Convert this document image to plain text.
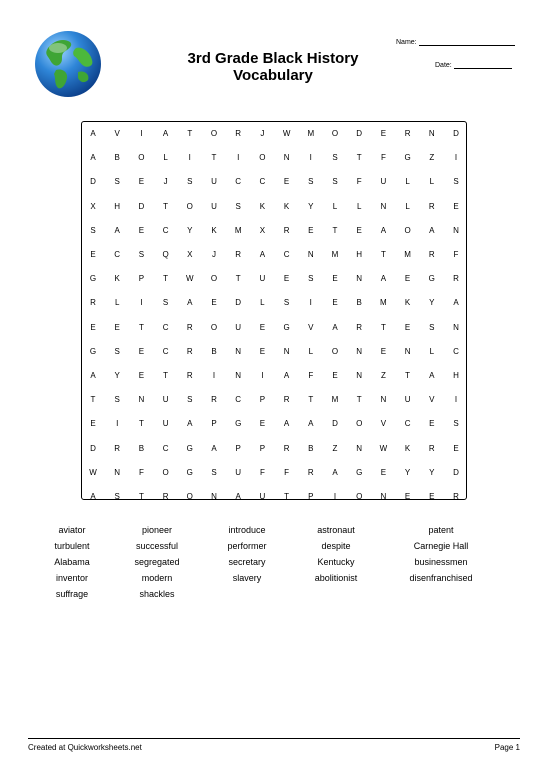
3rd Grade Black History
Vocabulary
Name:
Date:
A	V	I	A	T	O	R	J	W	M	O	D	E	R	N	D
A	B	O	L	I	T	I	O	N	I	S	T	F	G	Z	I
D	S	E	J	S	U	C	C	E	S	S	F	U	L	L	S
X	H	D	T	O	U	S	K	K	Y	L	L	N	L	R	E
S	A	E	C	Y	K	M	X	R	E	T	E	A	O	A	N
E	C	S	Q	X	J	R	A	C	N	M	H	T	M	R	F
G	K	P	T	W	O	T	U	E	S	E	N	A	E	G	R
R	L	I	S	A	E	D	L	S	I	E	B	M	K	Y	A
E	E	T	C	R	O	U	E	G	V	A	R	T	E	S	N
G	S	E	C	R	B	N	E	N	L	O	N	E	N	L	C
A	Y	E	T	R	I	N	I	A	F	E	N	Z	T	A	H
T	S	N	U	S	R	C	P	R	T	M	T	N	U	V	I
E	I	T	U	A	P	G	E	A	A	D	O	V	C	E	S
D	R	B	C	G	A	P	P	R	B	Z	N	W	K	R	E
W	N	F	O	G	S	U	F	F	R	A	G	E	Y	Y	D
A	S	T	R	O	N	A	U	T	P	I	O	N	E	E	R
aviator	pioneer	introduce	astronaut	patent
turbulent	successful	performer	despite	Carnegie Hall
Alabama	segregated	secretary	Kentucky	businessmen
inventor	modern	slavery	abolitionist	disenfranchised
suffrage	shackles
Created at Quickworksheets.net	Page 1
